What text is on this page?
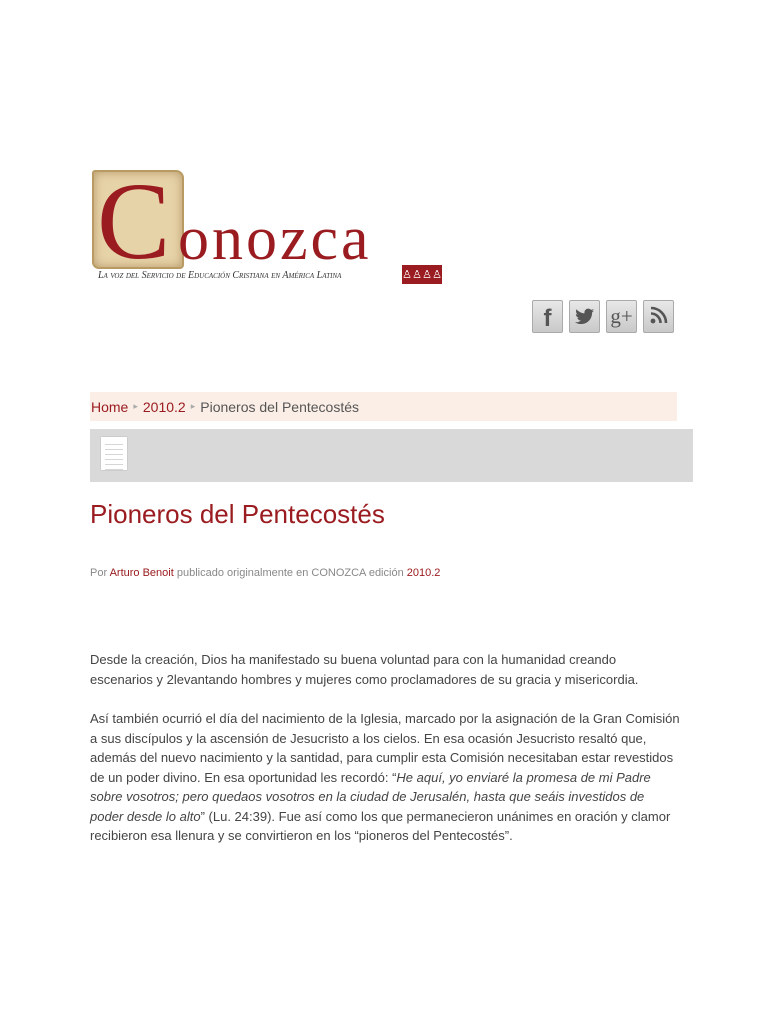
C onozca
La voz del Servicio de Educación Cristiana en América Latina	♙ ♙ ♙ ♙
f	g+
Home ▸ 2010.2 ▸ Pioneros del Pentecostés
Pioneros del Pentecostés
Por Arturo Benoit publicado originalmente en CONOZCA edición 2010.2

Desde la creación, Dios ha manifestado su buena voluntad para con la humanidad creando escenarios y 2levantando hombres y mujeres como proclamadores de su gracia y misericordia.

Así también ocurrió el día del nacimiento de la Iglesia, marcado por la asignación de la Gran Comisión a sus discípulos y la ascensión de Jesucristo a los cielos. En esa ocasión Jesucristo resaltó que, además del nuevo nacimiento y la santidad, para cumplir esta Comisión necesitaban estar revestidos de un poder divino. En esa oportunidad les recordó: “He aquí, yo enviaré la promesa de mi Padre sobre vosotros; pero quedaos vosotros en la ciudad de Jerusalén, hasta que seáis investidos de poder desde lo alto” (Lu. 24:39). Fue así como los que permanecieron unánimes en oración y clamor recibieron esa llenura y se convirtieron en los “pioneros del Pentecostés”.
